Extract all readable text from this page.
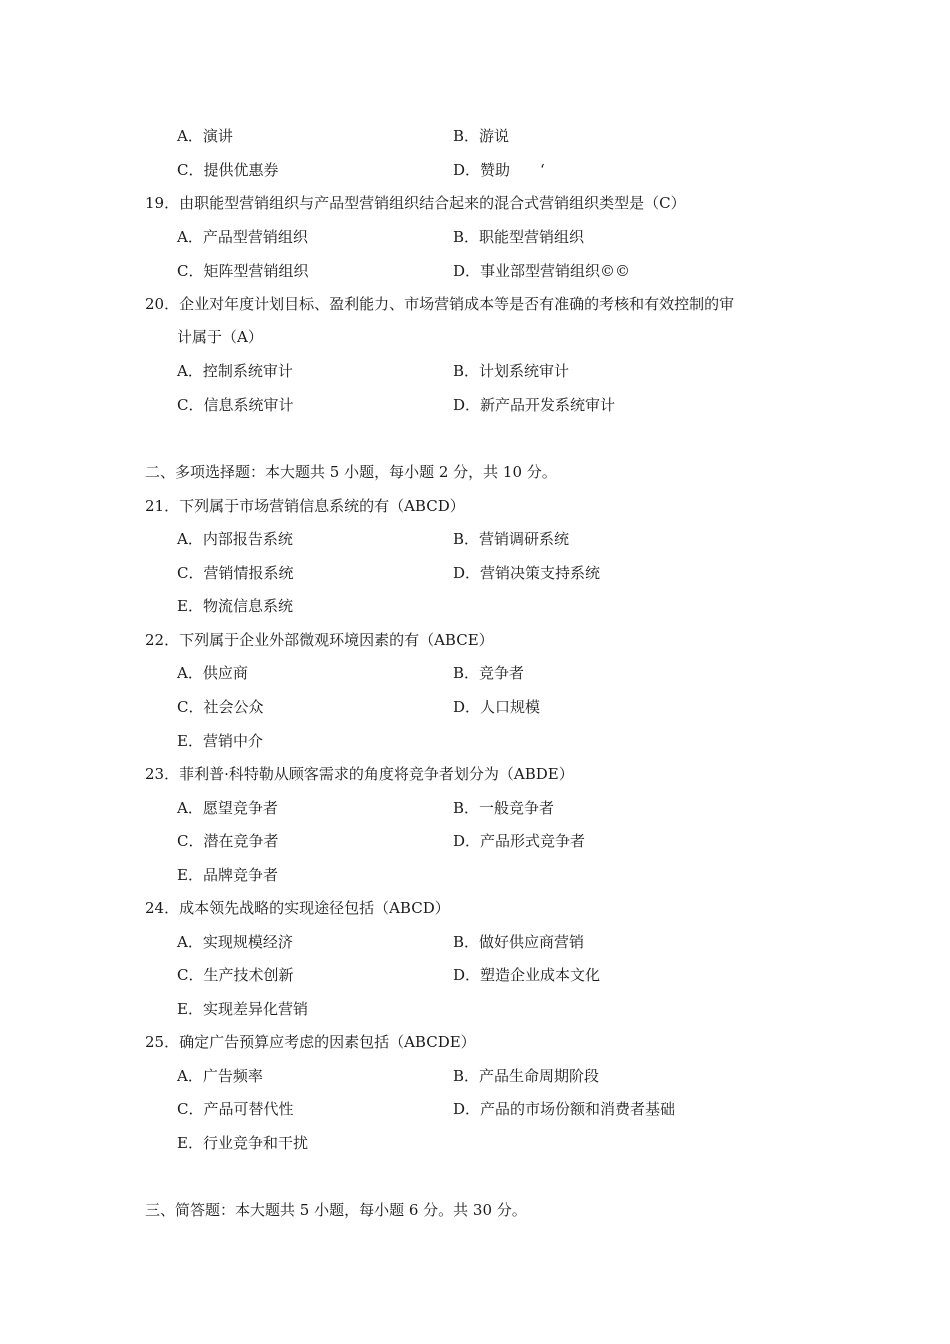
A．演讲	B．游说
C．提供优惠券	D．赞助　　‘
19．由职能型营销组织与产品型营销组织结合起来的混合式营销组织类型是（C）
A．产品型营销组织	B．职能型营销组织
C．矩阵型营销组织	D．事业部型营销组织©©
20．企业对年度计划目标、盈利能力、市场营销成本等是否有准确的考核和有效控制的审
计属于（A）
A．控制系统审计	B．计划系统审计
C．信息系统审计	D．新产品开发系统审计
二、多项选择题：本大题共 5 小题，每小题 2 分，共 10 分。
21．下列属于市场营销信息系统的有（ABCD）
A．内部报告系统	B．营销调研系统
C．营销情报系统	D．营销决策支持系统
E．物流信息系统
22．下列属于企业外部微观环境因素的有（ABCE）
A．供应商	B．竞争者
C．社会公众	D．人口规模
E．营销中介
23．菲利普·科特勒从顾客需求的角度将竞争者划分为（ABDE）
A．愿望竞争者	B．一般竞争者
C．潜在竞争者	D．产品形式竞争者
E．品牌竞争者
24．成本领先战略的实现途径包括（ABCD）
A．实现规模经济	B．做好供应商营销
C．生产技术创新	D．塑造企业成本文化
E．实现差异化营销
25．确定广告预算应考虑的因素包括（ABCDE）
A．广告频率	B．产品生命周期阶段
C．产品可替代性	D．产品的市场份额和消费者基础
E．行业竞争和干扰
三、简答题：本大题共 5 小题，每小题 6 分。共 30 分。
